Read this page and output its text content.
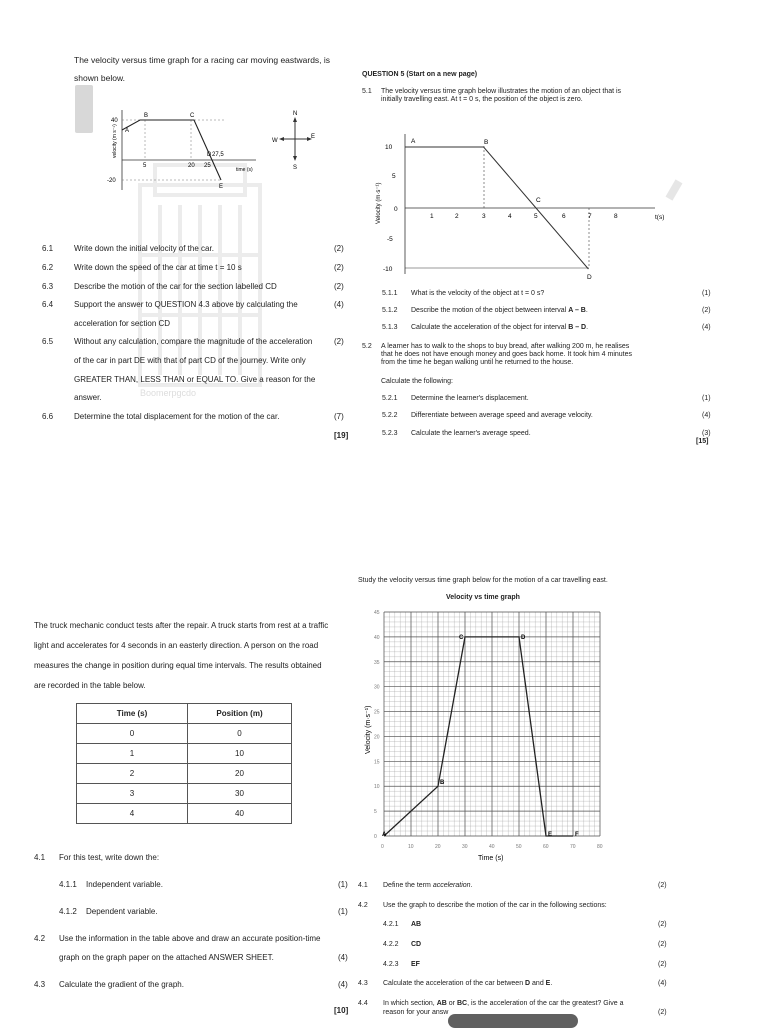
The velocity versus time graph for a racing car moving eastwards, is
shown below.
Boomerpgcdo
40
-20
5	20 25
27,5
A
B	C
D
E
time (s)
velocity (m s⁻¹)
N
E
S
W
6.1	Write down the initial velocity of the car.	(2)
6.2	Write down the speed of the car at time t = 10 s	(2)
6.3	Describe the motion of the car for the section labelled CD	(2)
6.4	Support the answer to QUESTION 4.3 above by calculating the
acceleration for section CD
(4)
6.5	Without any calculation, compare the magnitude of the acceleration
of the car in part DE with that of part CD of the journey. Write only
GREATER THAN, LESS THAN or EQUAL TO. Give a reason for the
answer.
(2)
6.6	Determine the total displacement for the motion of the car.	(7)
[19]
QUESTION 5 (Start on a new page)
5.1 The velocity versus time graph below illustrates the motion of an object that is
initially travelling east. At t = 0 s, the position of the object is zero.
10
5
0
-5
-10
1	2	3	4	5	6	7	8	t(s)
A	B
C
D
Velocity (m·s⁻¹)
5.1.1 What is the velocity of the object at t = 0 s?	(1)
5.1.2 Describe the motion of the object between interval A – B.	(2)
5.1.3 Calculate the acceleration of the object for interval B – D.	(4)
5.2 A learner has to walk to the shops to buy bread, after walking 200 m, he realises
that he does not have enough money and goes back home. It took him 4 minutes
from the time he began walking until he returned to the house.
Calculate the following:
5.2.1 Determine the learner's displacement.	(1)
5.2.2 Differentiate between average speed and average velocity.	(4)
5.2.3 Calculate the learner's average speed.	(3)
[15]
The truck mechanic conduct tests after the repair. A truck starts from rest at a traffic
light and accelerates for 4 seconds in an easterly direction. A person on the road
measures the change in position during equal time intervals. The results obtained
are recorded in the table below.
Time (s)	Position (m)
0	0
1	10
2	20
3	30
4	40
4.1 For this test, write down the:
4.1.1 Independent variable.	(1)
4.1.2 Dependent variable.	(1)
4.2 Use the information in the table above and draw an accurate position-time
graph on the graph paper on the attached ANSWER SHEET.	(4)
4.3 Calculate the gradient of the graph.	(4)
[10]
Study the velocity versus time graph below for the motion of a car travelling east.
Velocity vs time graph
0
5
10
15
20
25
30
35
40
45
0	10	20	30	40	50	60	70	80
A
B
C	D
E	F
Velocity (m·s⁻¹)
Time (s)
4.1 Define the term acceleration.	(2)
4.2 Use the graph to describe the motion of the car in the following sections:
4.2.1 AB	(2)
4.2.2 CD	(2)
4.2.3 EF	(2)
4.3 Calculate the acceleration of the car between D and E.	(4)
4.4 In which section, AB or BC, is the acceleration of the car the greatest? Give a
reason for your answ	(2)
